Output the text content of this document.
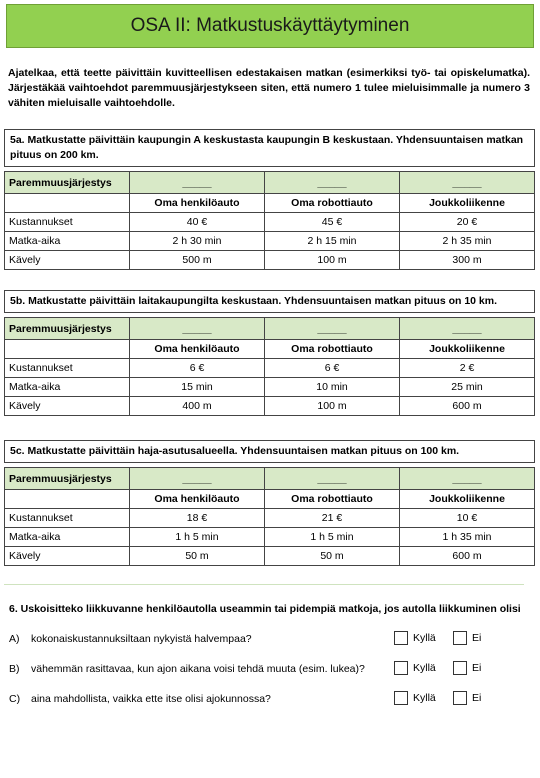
OSA II: Matkustuskäyttäytyminen
Ajatelkaa, että teette päivittäin kuvitteellisen edestakaisen matkan (esimerkiksi työ- tai opiskelumatka). Järjestäkää vaihtoehdot paremmuusjärjestykseen siten, että numero 1 tulee mieluisimmalle ja numero 3 vähiten mieluisalle vaihtoehdolle.
5a. Matkustatte päivittäin kaupungin A keskustasta kaupungin B keskustaan. Yhdensuuntaisen matkan pituus on 200 km.
Paremmuusjärjestys	_____	_____	_____
	Oma henkilöauto	Oma robottiauto	Joukkoliikenne
Kustannukset	40 €	45 €	20 €
Matka-aika	2 h 30 min	2 h 15 min	2 h 35 min
Kävely	500 m	100 m	300 m
5b. Matkustatte päivittäin laitakaupungilta keskustaan. Yhdensuuntaisen matkan pituus on 10 km.
Paremmuusjärjestys	_____	_____	_____
	Oma henkilöauto	Oma robottiauto	Joukkoliikenne
Kustannukset	6 €	6 €	2 €
Matka-aika	15 min	10 min	25 min
Kävely	400 m	100 m	600 m
5c. Matkustatte päivittäin haja-asutusalueella. Yhdensuuntaisen matkan pituus on 100 km.
Paremmuusjärjestys	_____	_____	_____
	Oma henkilöauto	Oma robottiauto	Joukkoliikenne
Kustannukset	18 €	21 €	10 €
Matka-aika	1 h 5 min	1 h 5 min	1 h 35 min
Kävely	50 m	50 m	600 m
6. Uskoisitteko liikkuvanne henkilöautolla useammin tai pidempiä matkoja, jos autolla liikkuminen olisi
A) kokonaiskustannuksiltaan nykyistä halvempaa?	Kyllä	Ei
B) vähemmän rasittavaa, kun ajon aikana voisi tehdä muuta (esim. lukea)?	Kyllä	Ei
C) aina mahdollista, vaikka ette itse olisi ajokunnossa?	Kyllä	Ei
